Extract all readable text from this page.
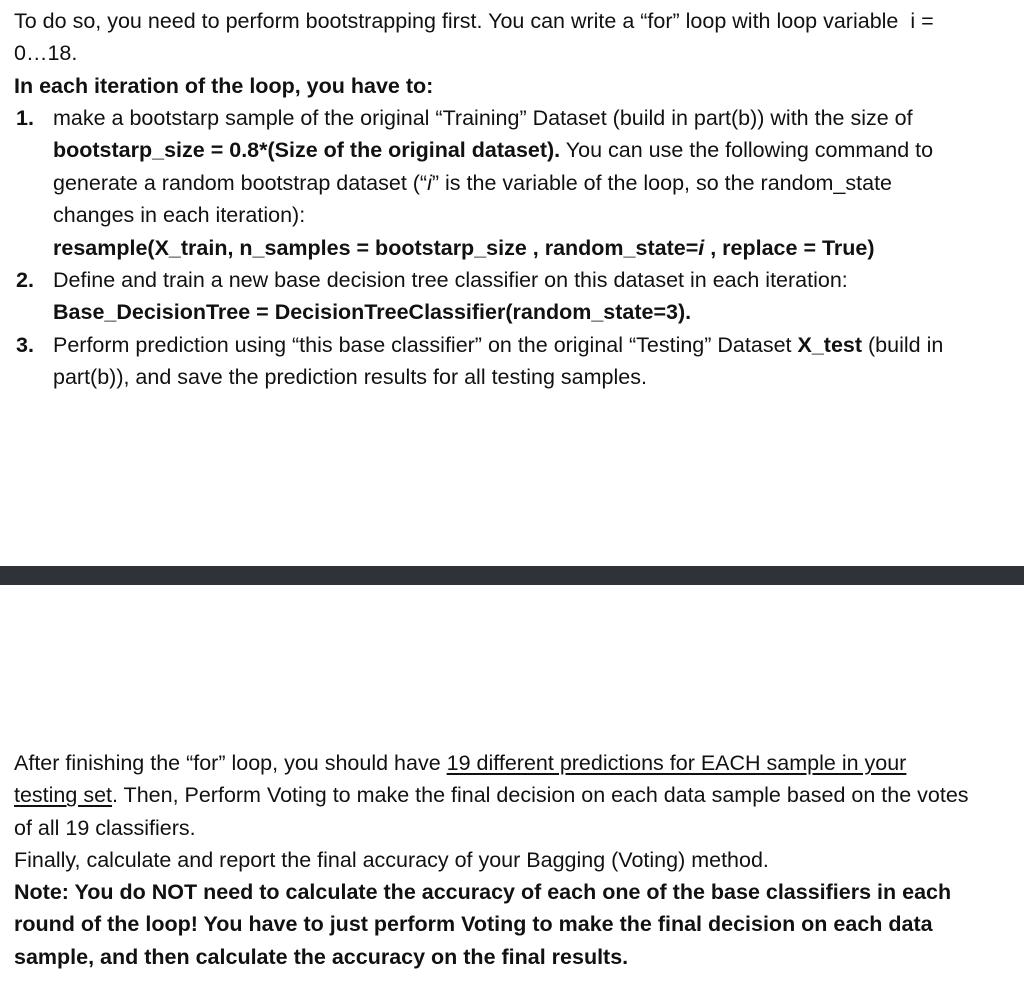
To do so, you need to perform bootstrapping first. You can write a “for” loop with loop variable i = 0…18.

In each iteration of the loop, you have to:

1. make a bootstarp sample of the original “Training” Dataset (build in part(b)) with the size of bootstarp_size = 0.8*(Size of the original dataset). You can use the following command to generate a random bootstrap dataset (“i” is the variable of the loop, so the random_state changes in each iteration):
resample(X_train, n_samples = bootstarp_size , random_state=i , replace = True)
2. Define and train a new base decision tree classifier on this dataset in each iteration:
Base_DecisionTree = DecisionTreeClassifier(random_state=3).
3. Perform prediction using “this base classifier” on the original “Testing” Dataset X_test (build in part(b)), and save the prediction results for all testing samples.

After finishing the “for” loop, you should have 19 different predictions for EACH sample in your testing set. Then, Perform Voting to make the final decision on each data sample based on the votes of all 19 classifiers.

Finally, calculate and report the final accuracy of your Bagging (Voting) method.

Note: You do NOT need to calculate the accuracy of each one of the base classifiers in each round of the loop! You have to just perform Voting to make the final decision on each data sample, and then calculate the accuracy on the final results.
